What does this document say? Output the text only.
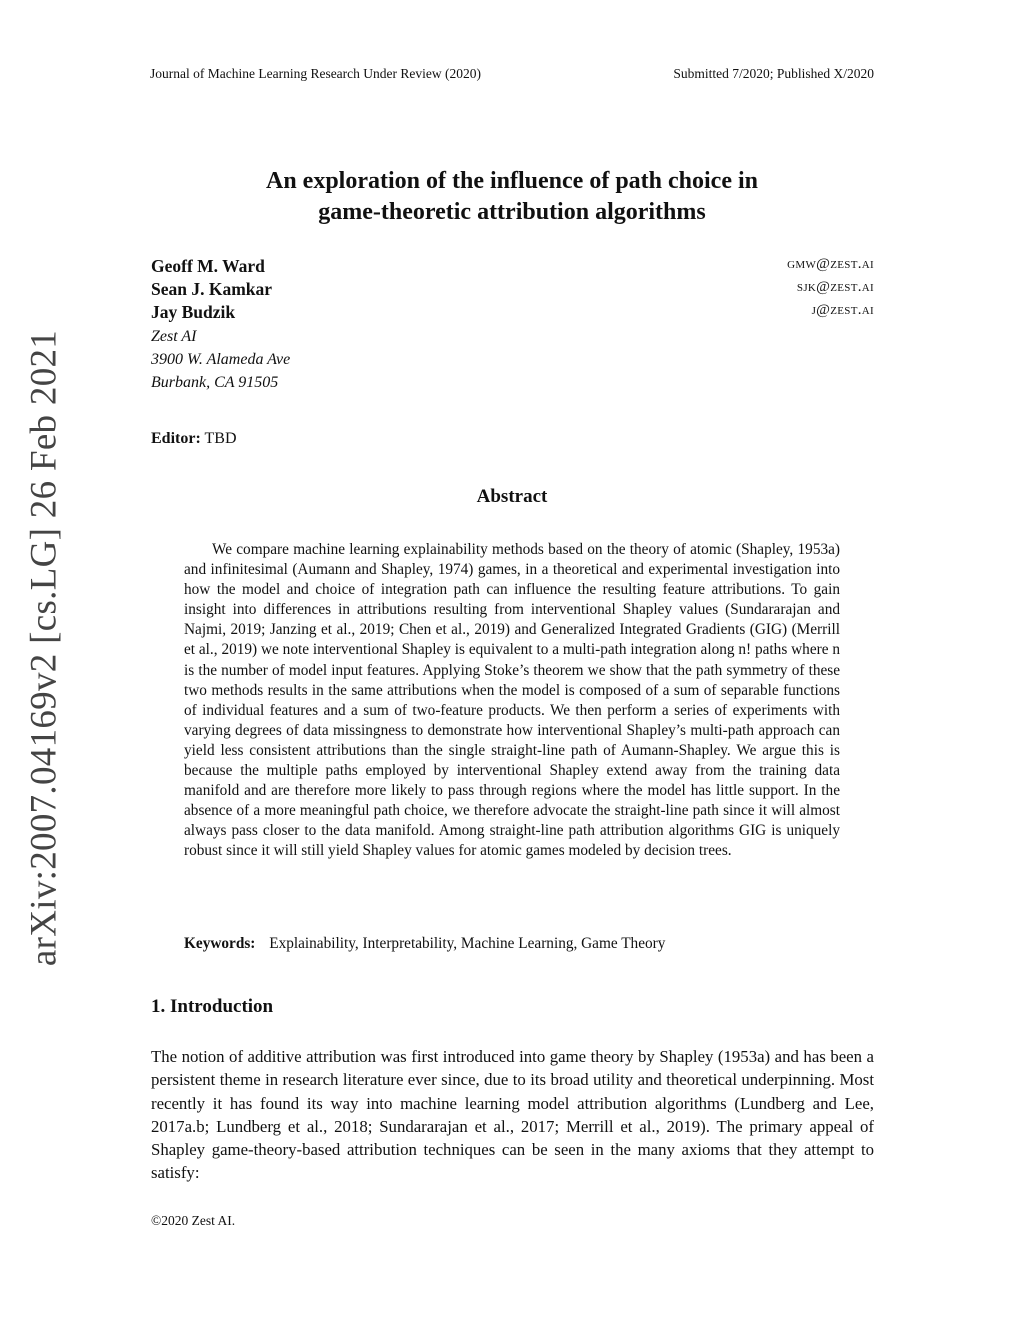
Journal of Machine Learning Research Under Review (2020)	Submitted 7/2020; Published X/2020
arXiv:2007.04169v2 [cs.LG] 26 Feb 2021
An exploration of the influence of path choice in
game-theoretic attribution algorithms
Geoff M. Ward	gmw@zest.ai
Sean J. Kamkar	sjk@zest.ai
Jay Budzik	j@zest.ai
Zest AI
3900 W. Alameda Ave
Burbank, CA 91505
Editor: TBD
Abstract

We compare machine learning explainability methods based on the theory of atomic (Shapley, 1953a) and infinitesimal (Aumann and Shapley, 1974) games, in a theoretical and experimental investigation into how the model and choice of integration path can influence the resulting feature attributions. To gain insight into differences in attributions resulting from interventional Shapley values (Sundararajan and Najmi, 2019; Janzing et al., 2019; Chen et al., 2019) and Generalized Integrated Gradients (GIG) (Merrill et al., 2019) we note interventional Shapley is equivalent to a multi-path integration along n! paths where n is the number of model input features. Applying Stoke’s theorem we show that the path symmetry of these two methods results in the same attributions when the model is composed of a sum of separable functions of individual features and a sum of two-feature products. We then perform a series of experiments with varying degrees of data missingness to demonstrate how interventional Shapley’s multi-path approach can yield less consistent attributions than the single straight-line path of Aumann-Shapley. We argue this is because the multiple paths employed by interventional Shapley extend away from the training data manifold and are therefore more likely to pass through regions where the model has little support. In the absence of a more meaningful path choice, we therefore advocate the straight-line path since it will almost always pass closer to the data manifold. Among straight-line path attribution algorithms GIG is uniquely robust since it will still yield Shapley values for atomic games modeled by decision trees.

Keywords: Explainability, Interpretability, Machine Learning, Game Theory
1. Introduction

The notion of additive attribution was first introduced into game theory by Shapley (1953a) and has been a persistent theme in research literature ever since, due to its broad utility and theoretical underpinning. Most recently it has found its way into machine learning model attribution algorithms (Lundberg and Lee, 2017a.b; Lundberg et al., 2018; Sundararajan et al., 2017; Merrill et al., 2019). The primary appeal of Shapley game-theory-based attribution techniques can be seen in the many axioms that they attempt to satisfy:

©2020 Zest AI.
